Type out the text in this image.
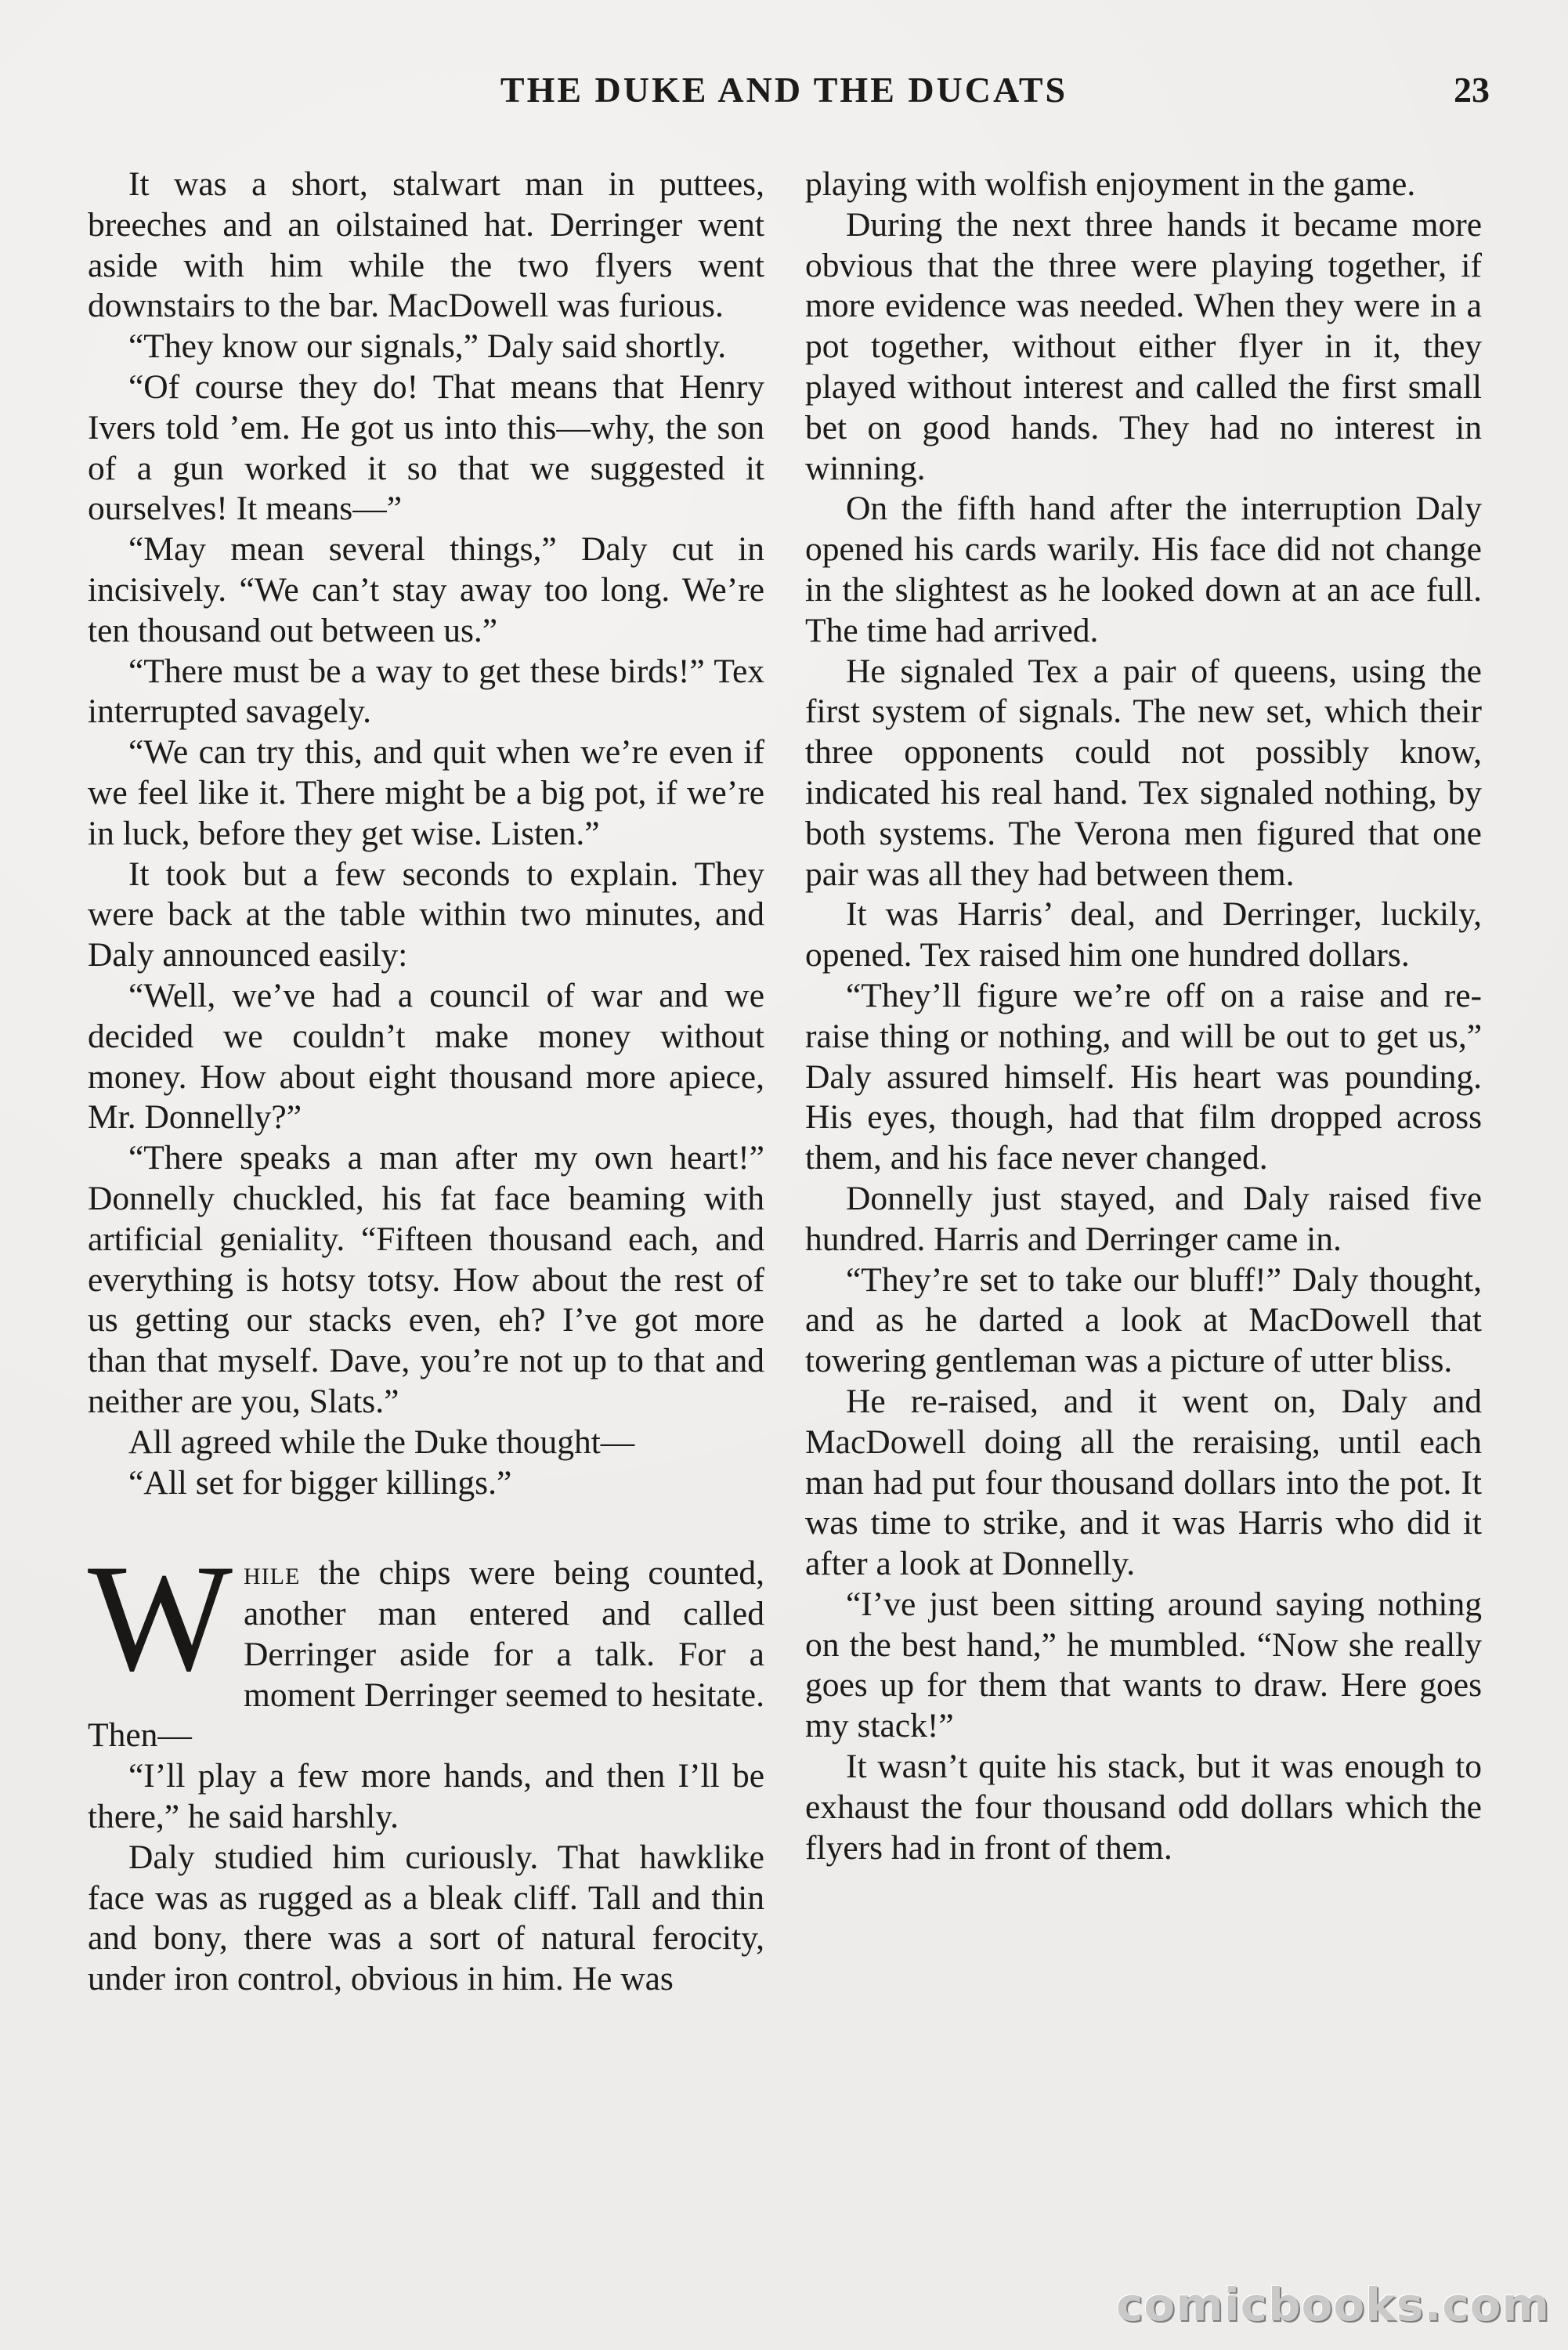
THE DUKE AND THE DUCATS	23

It was a short, stalwart man in puttees, breeches and an oilstained hat. Derringer went aside with him while the two flyers went downstairs to the bar. MacDowell was furious.

“They know our signals,” Daly said shortly.

“Of course they do! That means that Henry Ivers told ’em. He got us into this—why, the son of a gun worked it so that we suggested it ourselves! It means—”

“May mean several things,” Daly cut in incisively. “We can’t stay away too long. We’re ten thousand out between us.”

“There must be a way to get these birds!” Tex interrupted savagely.

“We can try this, and quit when we’re even if we feel like it. There might be a big pot, if we’re in luck, before they get wise. Listen.”

It took but a few seconds to explain. They were back at the table within two minutes, and Daly announced easily:

“Well, we’ve had a council of war and we decided we couldn’t make money without money. How about eight thousand more apiece, Mr. Donnelly?”

“There speaks a man after my own heart!” Donnelly chuckled, his fat face beaming with artificial geniality. “Fifteen thousand each, and everything is hotsy totsy. How about the rest of us getting our stacks even, eh? I’ve got more than that myself. Dave, you’re not up to that and neither are you, Slats.”

All agreed while the Duke thought—

“All set for bigger killings.”

While the chips were being counted, another man entered and called Derringer aside for a talk. For a moment Derringer seemed to hesitate. Then—

“I’ll play a few more hands, and then I’ll be there,” he said harshly.

Daly studied him curiously. That hawklike face was as rugged as a bleak cliff. Tall and thin and bony, there was a sort of natural ferocity, under iron control, obvious in him. He was

playing with wolfish enjoyment in the game.

During the next three hands it became more obvious that the three were playing together, if more evidence was needed. When they were in a pot together, without either flyer in it, they played without interest and called the first small bet on good hands. They had no interest in winning.

On the fifth hand after the interruption Daly opened his cards warily. His face did not change in the slightest as he looked down at an ace full. The time had arrived.

He signaled Tex a pair of queens, using the first system of signals. The new set, which their three opponents could not possibly know, indicated his real hand. Tex signaled nothing, by both systems. The Verona men figured that one pair was all they had between them.

It was Harris’ deal, and Derringer, luckily, opened. Tex raised him one hundred dollars.

“They’ll figure we’re off on a raise and re-raise thing or nothing, and will be out to get us,” Daly assured himself. His heart was pounding. His eyes, though, had that film dropped across them, and his face never changed.

Donnelly just stayed, and Daly raised five hundred. Harris and Derringer came in.

“They’re set to take our bluff!” Daly thought, and as he darted a look at MacDowell that towering gentleman was a picture of utter bliss.

He re-raised, and it went on, Daly and MacDowell doing all the reraising, until each man had put four thousand dollars into the pot. It was time to strike, and it was Harris who did it after a look at Donnelly.

“I’ve just been sitting around saying nothing on the best hand,” he mumbled. “Now she really goes up for them that wants to draw. Here goes my stack!”

It wasn’t quite his stack, but it was enough to exhaust the four thousand odd dollars which the flyers had in front of them.

comicbooks.com
